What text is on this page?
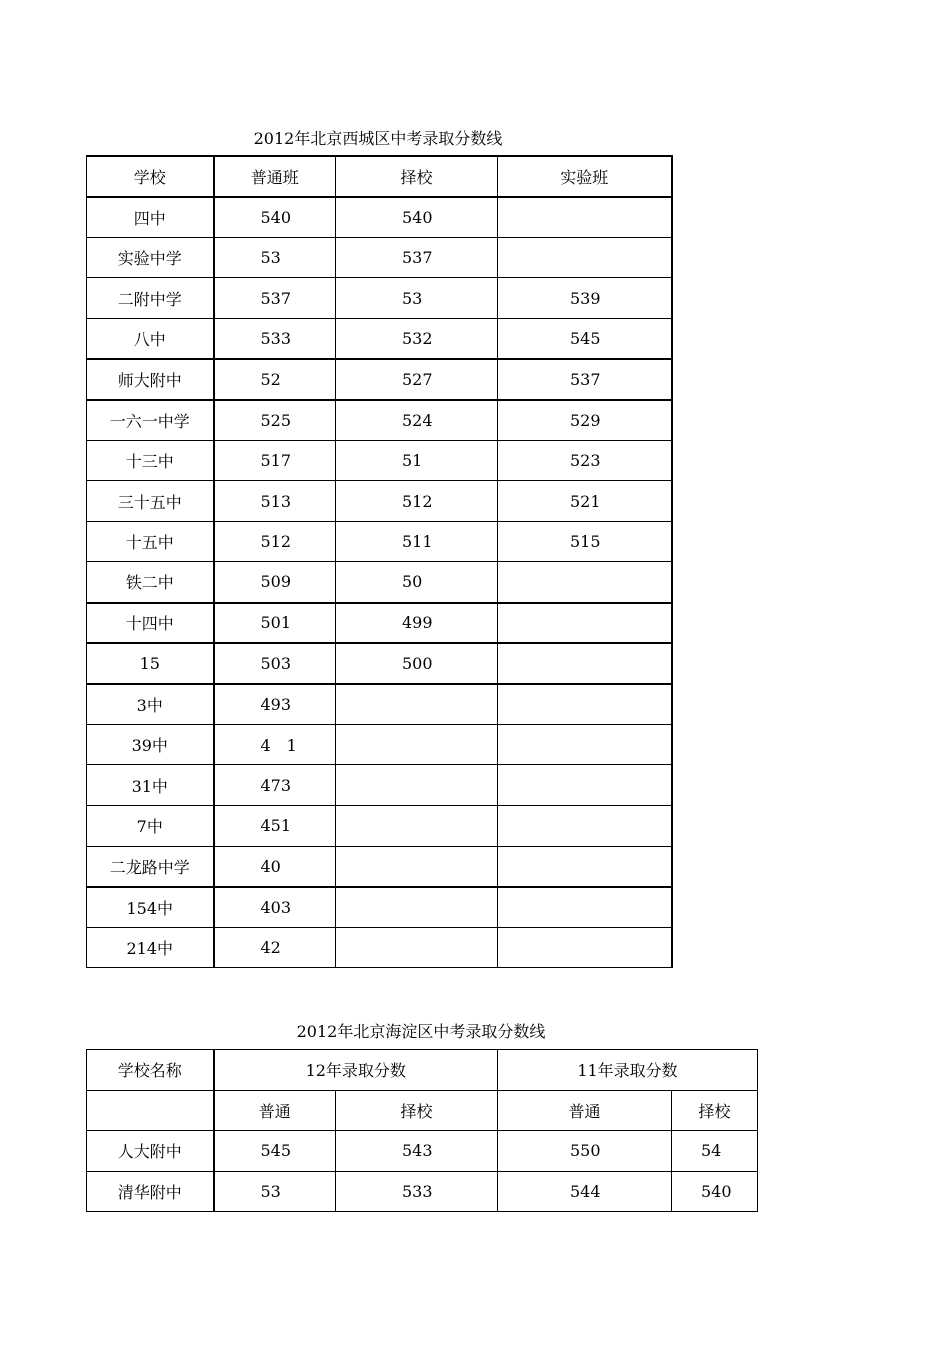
2012年北京西城区中考录取分数线
学校	普通班	择校	实验班
四中	540	540	
实验中学	53	537	
二附中学	537	53	539
八中	533	532	545
师大附中	52	527	537
一六一中学	525	524	529
十三中	517	51	523
三十五中	513	512	521
十五中	512	511	515
铁二中	509	50	
十四中	501	499	
15	503	500	
3中	493		
39中	4　1		
31中	473		
7中	451		
二龙路中学	40		
154中	403		
214中	42		
2012年北京海淀区中考录取分数线
学校名称	12年录取分数		11年录取分数	
	普通	择校	普通	择校
人大附中	545	543	550	54
清华附中	53	533	544	540
